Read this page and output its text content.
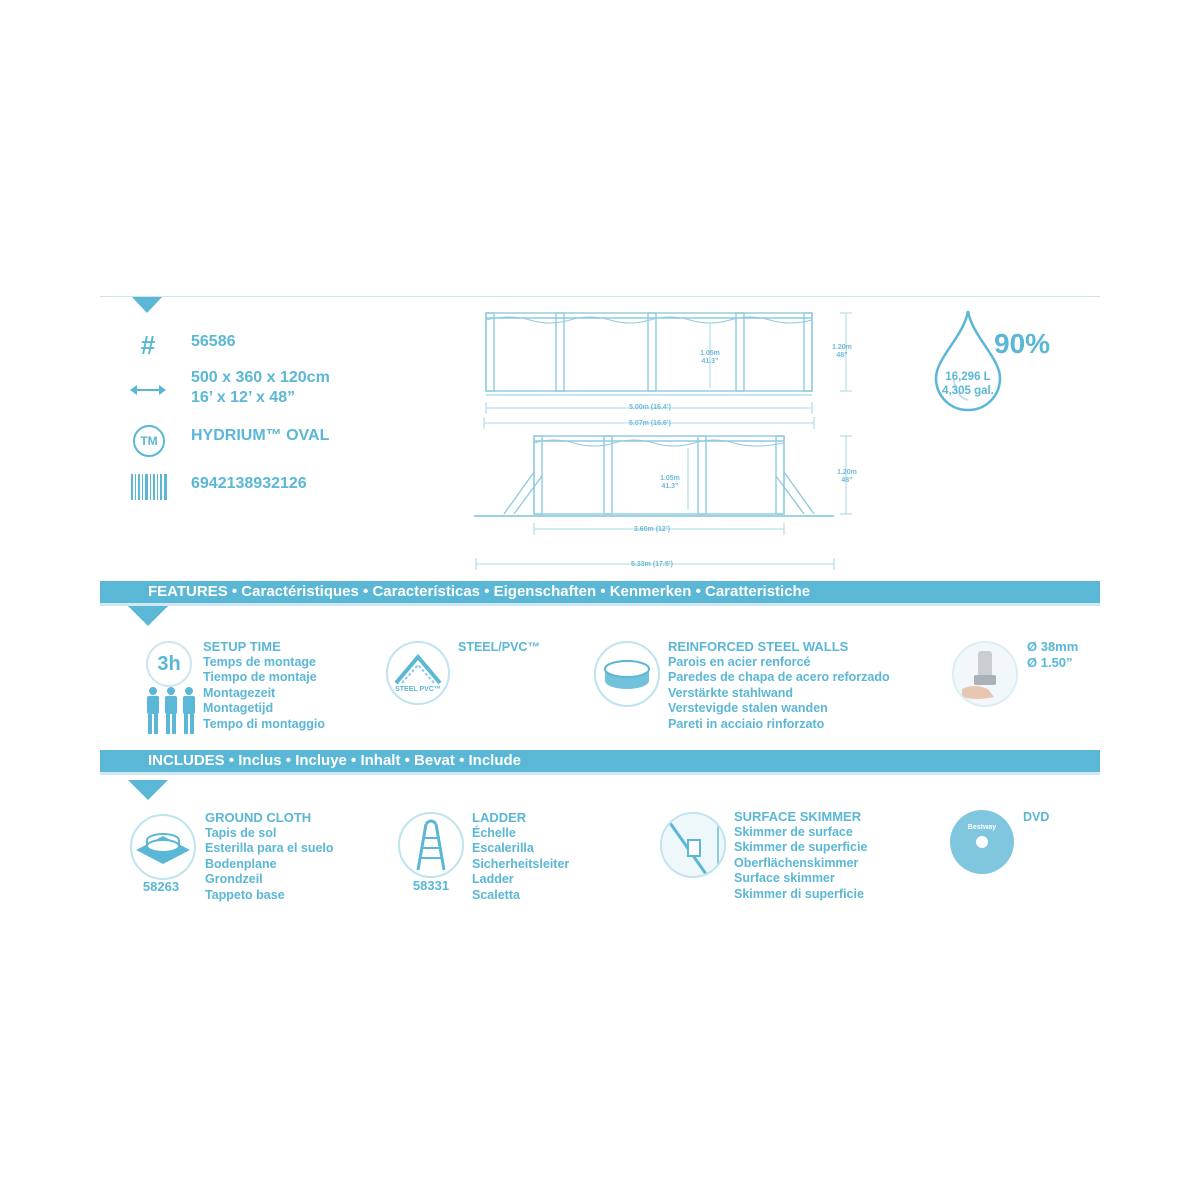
#	56586
500 x 360 x 120cm
16’ x 12’ x 48”
TM	HYDRIUM™ OVAL
6942138932126
1.05m
41.3”
1.20m
48”
5.00m (16.4’)
5.07m (16.6’)
1.05m
41.3”
1.20m
48”
3.60m (12’)
5.33m (17.5’)
90%
16,296 L
4,305 gal.
FEATURES • Caractéristiques • Características • Eigenschaften • Kenmerken • Caratteristiche
3h
SETUP TIME
Temps de montage
Tiempo de montaje
Montagezeit
Montagetijd
Tempo di montaggio
STEEL PVC™
STEEL/PVC™	REINFORCED STEEL WALLS
Parois en acier renforcé
Paredes de chapa de acero reforzado
Verstärkte stahlwand
Verstevigde stalen wanden
Pareti in acciaio rinforzato
Ø 38mm
Ø 1.50”
INCLUDES • Inclus • Incluye • Inhalt • Bevat • Include
58263
GROUND CLOTH
Tapis de sol
Esterilla para el suelo
Bodenplane
Grondzeil
Tappeto base
58331
LADDER
Échelle
Escalerilla
Sicherheitsleiter
Ladder
Scaletta
SURFACE SKIMMER
Skimmer de surface
Skimmer de superficie
Oberflächenskimmer
Surface skimmer
Skimmer di superficie
Bestway
DVD
